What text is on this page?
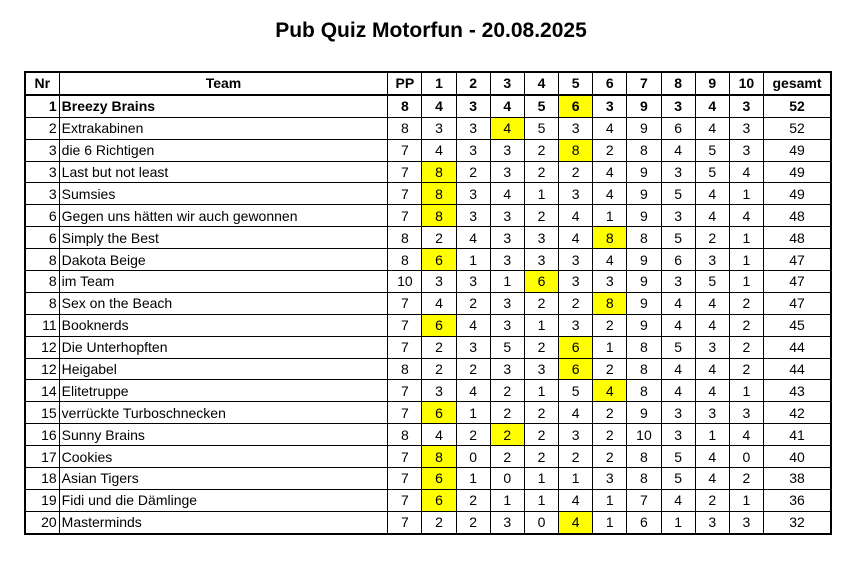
Pub Quiz Motorfun - 20.08.2025
Nr	Team	PP	1	2	3	4	5	6	7	8	9	10	gesamt
1	Breezy Brains	8	4	3	4	5	6	3	9	3	4	3	52
2	Extrakabinen	8	3	3	4	5	3	4	9	6	4	3	52
3	die 6 Richtigen	7	4	3	3	2	8	2	8	4	5	3	49
3	Last but not least	7	8	2	3	2	2	4	9	3	5	4	49
3	Sumsies	7	8	3	4	1	3	4	9	5	4	1	49
6	Gegen uns hätten wir auch gewonnen	7	8	3	3	2	4	1	9	3	4	4	48
6	Simply the Best	8	2	4	3	3	4	8	8	5	2	1	48
8	Dakota Beige	8	6	1	3	3	3	4	9	6	3	1	47
8	im Team	10	3	3	1	6	3	3	9	3	5	1	47
8	Sex on the Beach	7	4	2	3	2	2	8	9	4	4	2	47
11	Booknerds	7	6	4	3	1	3	2	9	4	4	2	45
12	Die Unterhopften	7	2	3	5	2	6	1	8	5	3	2	44
12	Heigabel	8	2	2	3	3	6	2	8	4	4	2	44
14	Elitetruppe	7	3	4	2	1	5	4	8	4	4	1	43
15	verrückte Turboschnecken	7	6	1	2	2	4	2	9	3	3	3	42
16	Sunny Brains	8	4	2	2	2	3	2	10	3	1	4	41
17	Cookies	7	8	0	2	2	2	2	8	5	4	0	40
18	Asian Tigers	7	6	1	0	1	1	3	8	5	4	2	38
19	Fidi und die Dämlinge	7	6	2	1	1	4	1	7	4	2	1	36
20	Masterminds	7	2	2	3	0	4	1	6	1	3	3	32
